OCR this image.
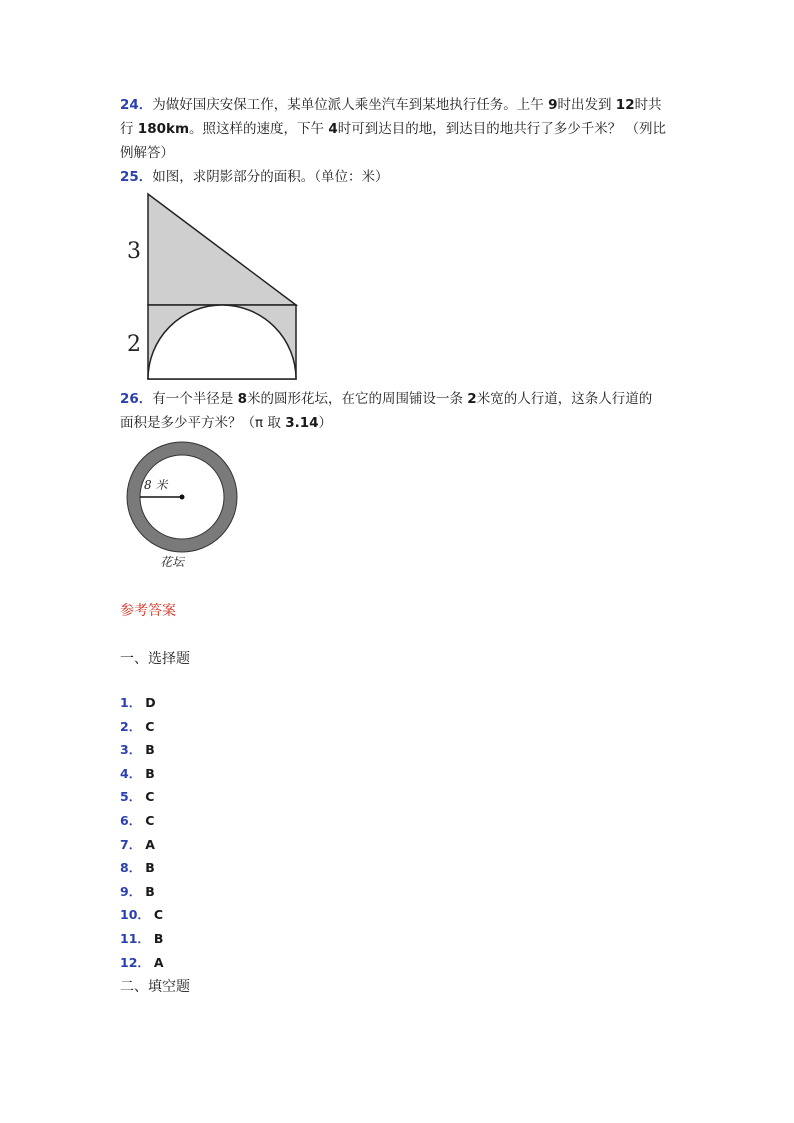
24．为做好国庆安保工作，某单位派人乘坐汽车到某地执行任务。上午 9时出发到 12时共
行 180km。照这样的速度，下午 4时可到达目的地，到达目的地共行了多少千米？ （列比
例解答）
25．如图，求阴影部分的面积。（单位：米）
3
2
26．有一个半径是 8米的圆形花坛，在它的周围铺设一条 2米宽的人行道，这条人行道的
面积是多少平方米？（π 取 3.14）
8 米
花坛
参考答案
一、选择题
1． D
2． C
3． B
4． B
5． C
6． C
7． A
8． B
9． B
10． C
11． B
12． A
二、填空题
